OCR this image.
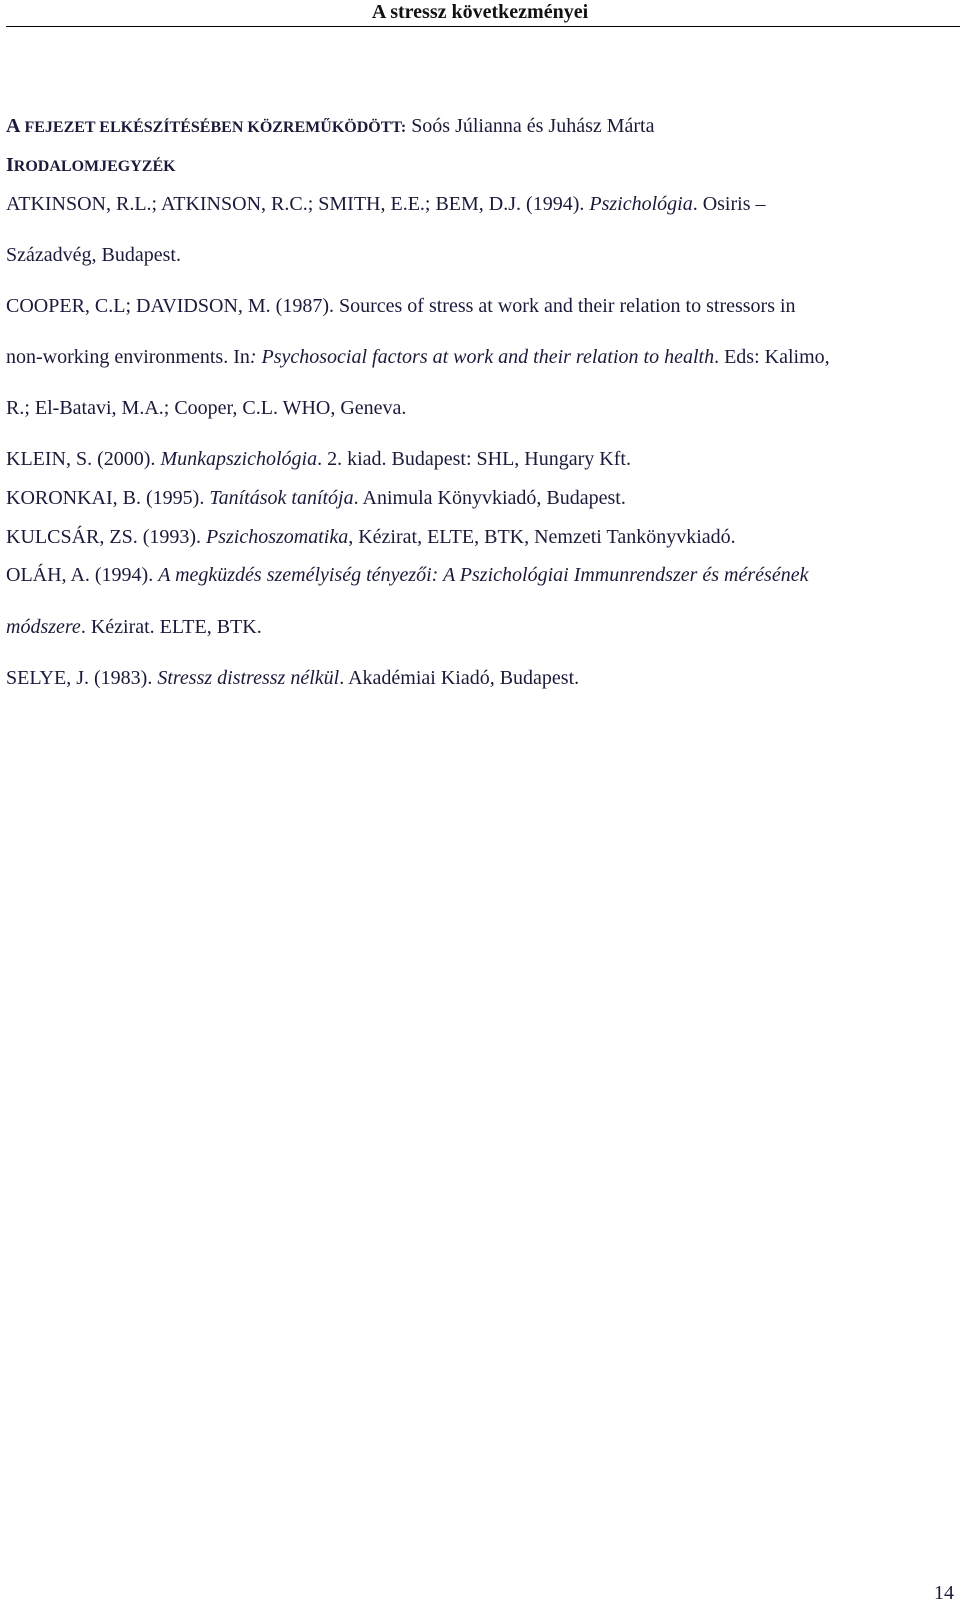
A stressz következményei
A FEJEZET ELKÉSZÍTÉSÉBEN KÖZREMŰKÖDÖTT: Soós Júlianna és Juhász Márta
IRODALOMJEGYZÉK
ATKINSON, R.L.; ATKINSON, R.C.; SMITH, E.E.; BEM, D.J. (1994). Pszichológia. Osiris –
Századvég, Budapest.
COOPER, C.L; DAVIDSON, M. (1987). Sources of stress at work and their relation to stressors in
non-working environments. In: Psychosocial factors at work and their relation to health. Eds: Kalimo,
R.; El-Batavi, M.A.; Cooper, C.L. WHO, Geneva.
KLEIN, S. (2000). Munkapszichológia. 2. kiad. Budapest: SHL, Hungary Kft.
KORONKAI, B. (1995). Tanítások tanítója. Animula Könyvkiadó, Budapest.
KULCSÁR, ZS. (1993). Pszichoszomatika, Kézirat, ELTE, BTK, Nemzeti Tankönyvkiadó.
OLÁH, A. (1994). A megküzdés személyiség tényezői: A Pszichológiai Immunrendszer és mérésének
módszere. Kézirat. ELTE, BTK.
SELYE, J. (1983). Stressz distressz nélkül. Akadémiai Kiadó, Budapest.
14
